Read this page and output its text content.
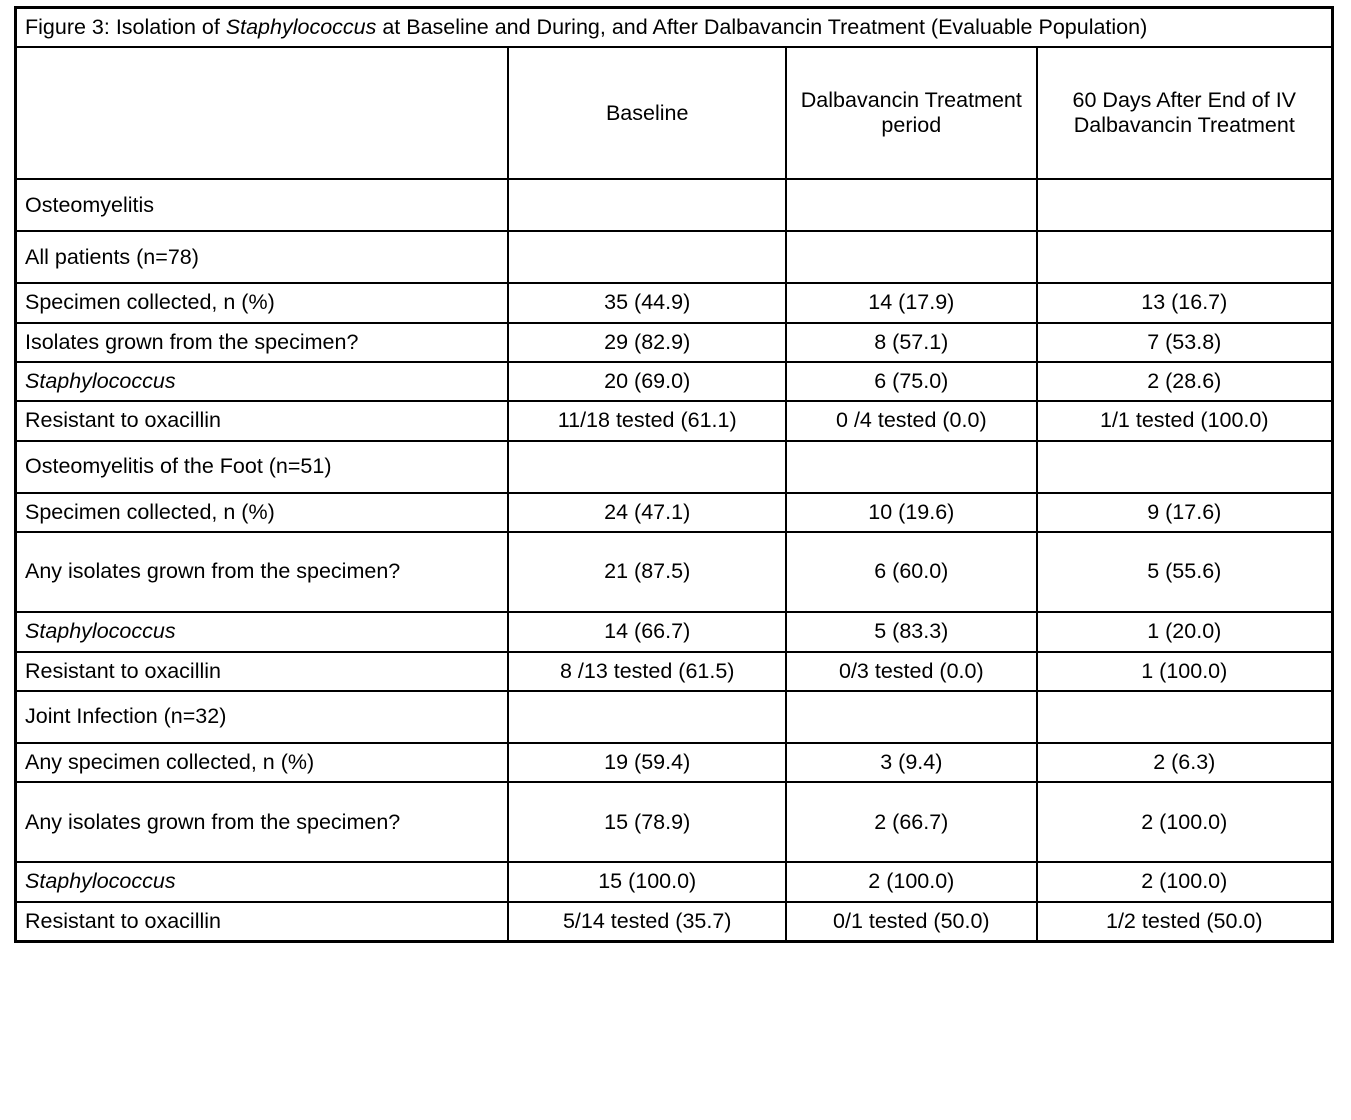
Figure 3: Isolation of Staphylococcus at Baseline and During, and After Dalbavancin Treatment (Evaluable Population)			
	Baseline	Dalbavancin Treatment period	60 Days After End of IV Dalbavancin Treatment
Osteomyelitis			
All patients (n=78)			
Specimen collected, n (%)	35 (44.9)	14 (17.9)	13 (16.7)
Isolates grown from the specimen?	29 (82.9)	8 (57.1)	7 (53.8)
Staphylococcus	20 (69.0)	6 (75.0)	2 (28.6)
Resistant to oxacillin	11/18 tested (61.1)	0 /4 tested (0.0)	1/1 tested (100.0)
Osteomyelitis of the Foot (n=51)			
Specimen collected, n (%)	24 (47.1)	10 (19.6)	9 (17.6)
Any isolates grown from the specimen?	21 (87.5)	6 (60.0)	5 (55.6)
Staphylococcus	14 (66.7)	5 (83.3)	1 (20.0)
Resistant to oxacillin	8 /13 tested (61.5)	0/3 tested (0.0)	1 (100.0)
Joint Infection (n=32)			
Any specimen collected, n (%)	19 (59.4)	3 (9.4)	2 (6.3)
Any isolates grown from the specimen?	15 (78.9)	2 (66.7)	2 (100.0)
Staphylococcus	15 (100.0)	2 (100.0)	2 (100.0)
Resistant to oxacillin	5/14 tested (35.7)	0/1 tested (50.0)	1/2 tested (50.0)
